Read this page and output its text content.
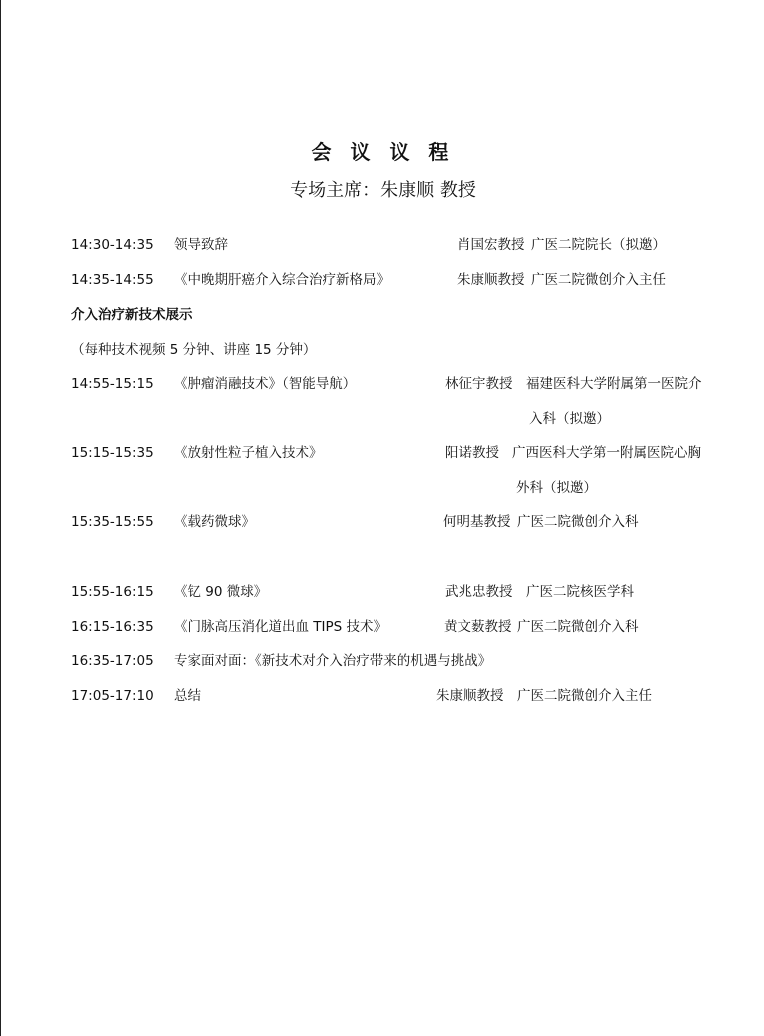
会 议 议 程
专场主席：朱康顺 教授
14:30-14:35 领导致辞	肖国宏教授 广医二院院长（拟邀）
14:35-14:55 《中晚期肝癌介入综合治疗新格局》	朱康顺教授 广医二院微创介入主任
介入治疗新技术展示
（每种技术视频 5 分钟、讲座 15 分钟）
14:55-15:15 《肿瘤消融技术》（智能导航）	林征宇教授 福建医科大学附属第一医院介
入科（拟邀）
15:15-15:35 《放射性粒子植入技术》	阳诺教授 广西医科大学第一附属医院心胸
外科（拟邀）
15:35-15:55 《载药微球》	何明基教授 广医二院微创介入科
15:55-16:15 《钇 90 微球》	武兆忠教授 广医二院核医学科
16:15-16:35 《门脉高压消化道出血 TIPS 技术》	黄文薮教授 广医二院微创介入科
16:35-17:05 专家面对面：《新技术对介入治疗带来的机遇与挑战》
17:05-17:10 总结	朱康顺教授 广医二院微创介入主任
